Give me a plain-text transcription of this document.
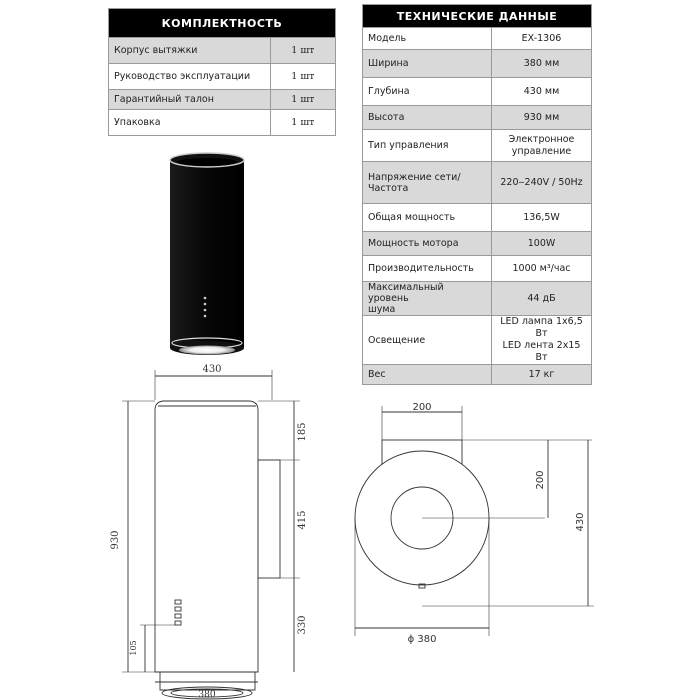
КОМПЛЕКТНОСТЬ	
Корпус вытяжки	1 шт
Руководство эксплуатации	1 шт
Гарантийный талон	1 шт
Упаковка	1 шт
ТЕХНИЧЕСКИЕ ДАННЫЕ	
Модель	EX-1306
Ширина	380 мм
Глубина	430 мм
Высота	930 мм
Тип управления	Электронное
управление
Напряжение сети/
Частота	220‒240V / 50Hz
Общая мощность	136,5W
Мощность мотора	100W
Производительность	1000 м³/час
Максимальный уровень
шума	44 дБ
Освещение	LED лампа 1х6,5 Вт
LED лента 2х15 Вт
Вес	17 кг
430
380
930
105
185
415
330
200
200
430
ϕ 380
